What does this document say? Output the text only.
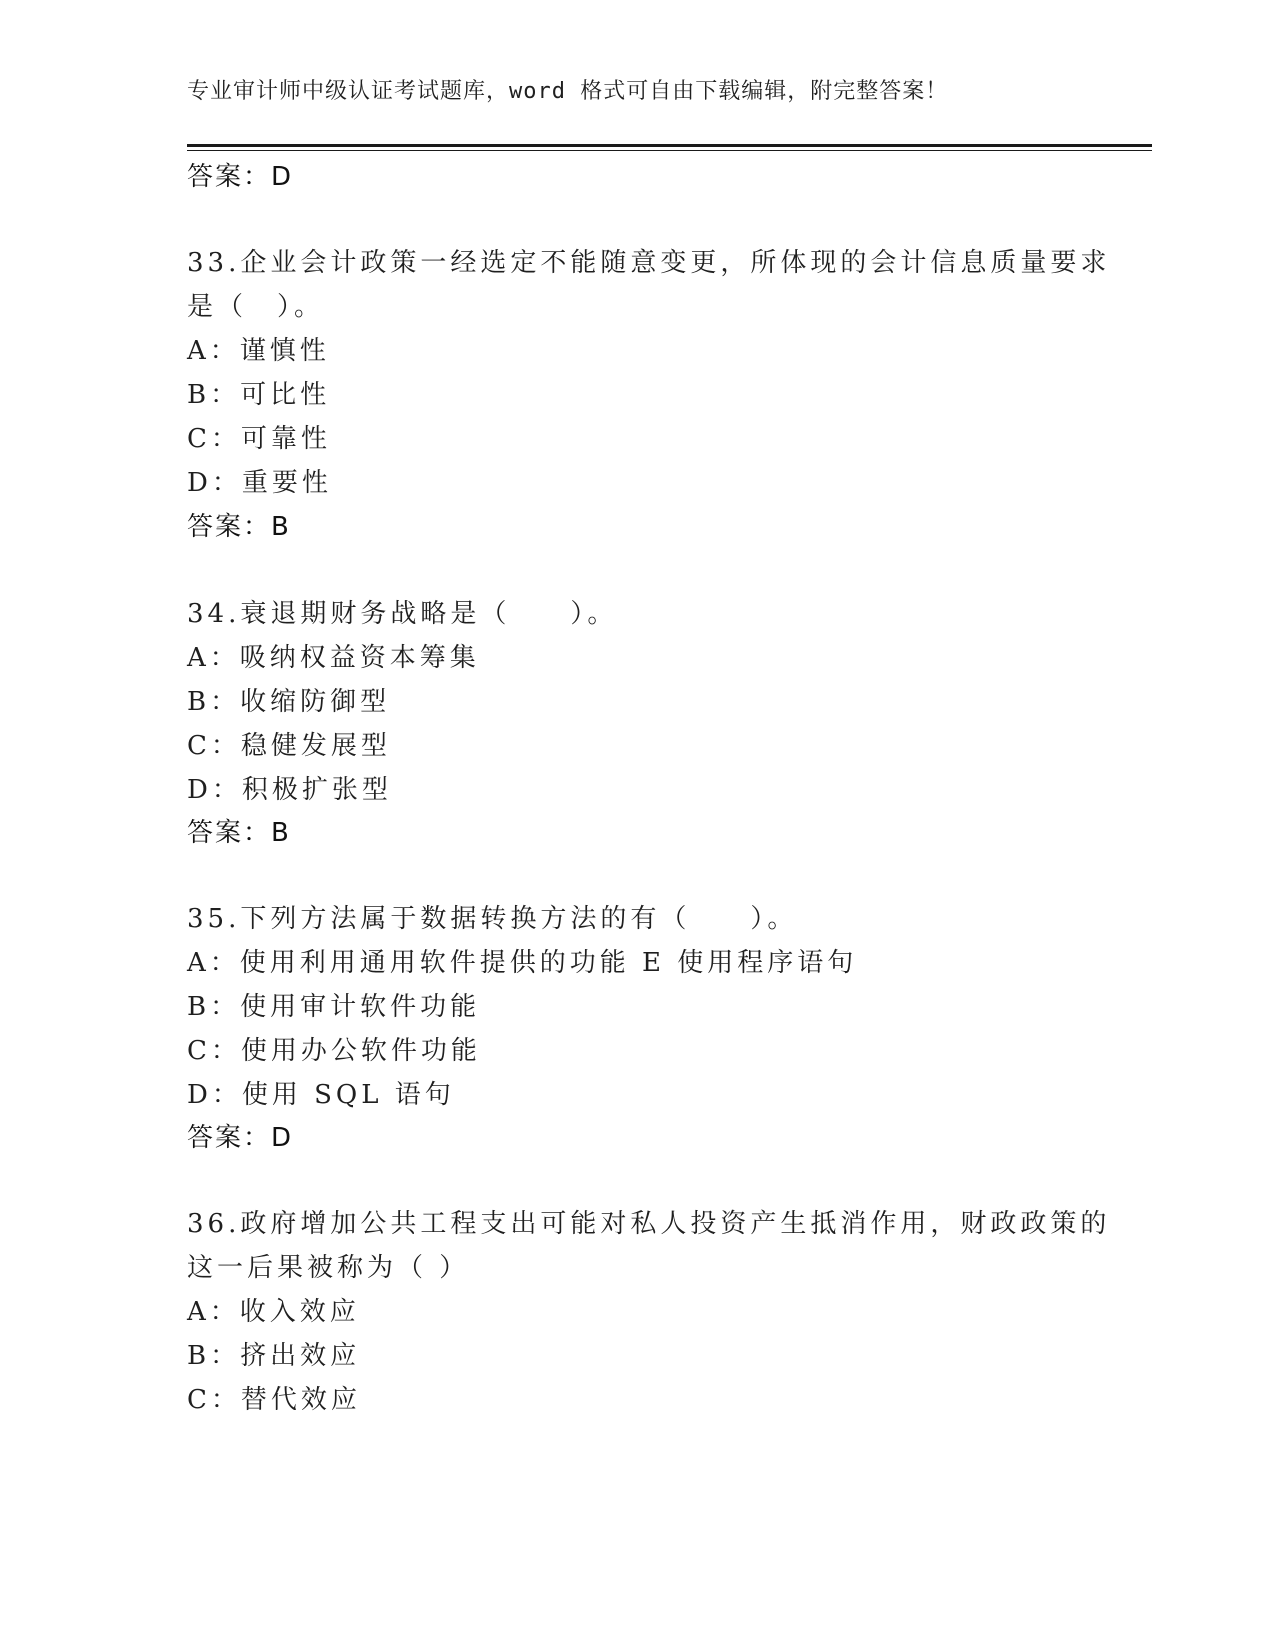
专业审计师中级认证考试题库，word 格式可自由下载编辑，附完整答案！
答案：D
33.企业会计政策一经选定不能随意变更，所体现的会计信息质量要求
是（　）。
A：谨慎性
B：可比性
C：可靠性
D：重要性
答案：B
34.衰退期财务战略是（　　）。
A：吸纳权益资本筹集
B：收缩防御型
C：稳健发展型
D：积极扩张型
答案：B
35.下列方法属于数据转换方法的有（　　）。
A：使用利用通用软件提供的功能 E 使用程序语句
B：使用审计软件功能
C：使用办公软件功能
D：使用 SQL 语句
答案：D
36.政府增加公共工程支出可能对私人投资产生抵消作用，财政政策的
这一后果被称为（ ）
A：收入效应
B：挤出效应
C：替代效应
